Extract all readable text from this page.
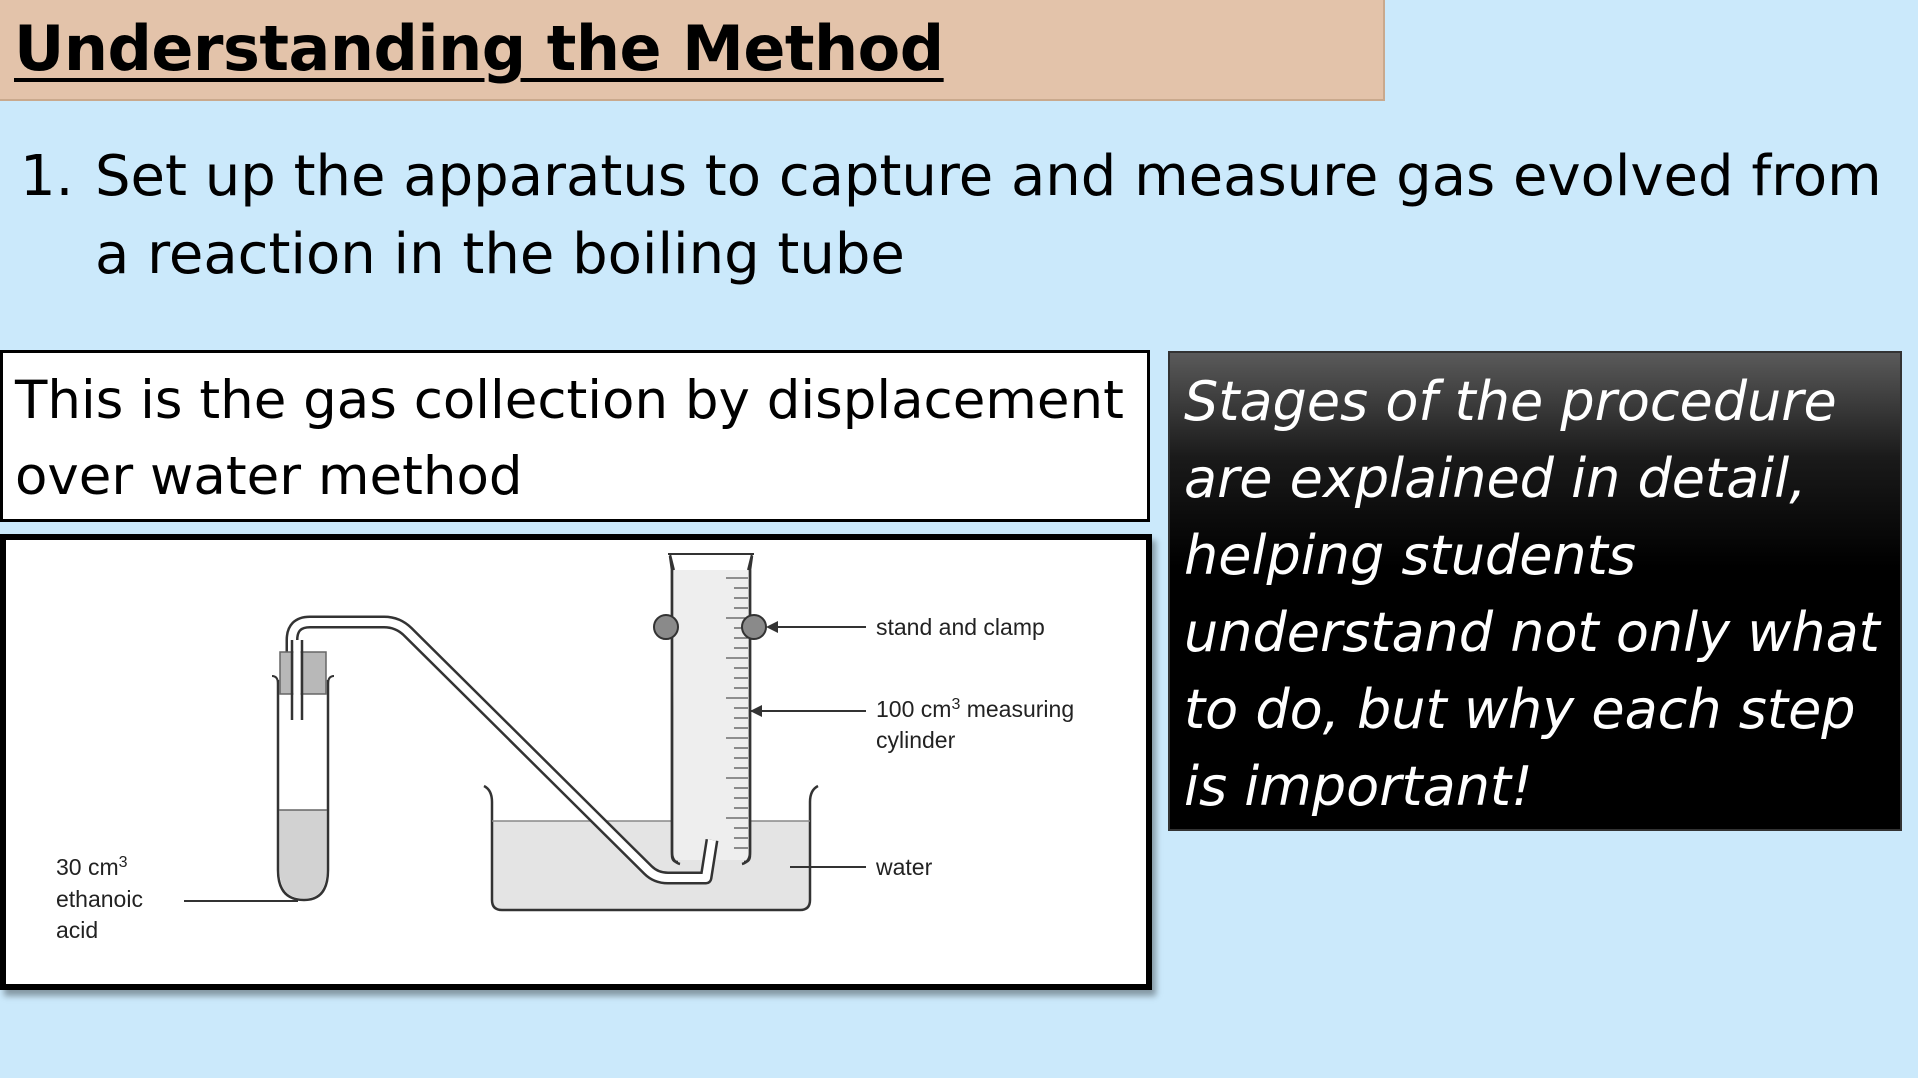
Understanding the Method
1. Set up the apparatus to capture and measure gas evolved from a reaction in the boiling tube
This is the gas collection by displacement over water method
stand and clamp
100 $cm^3$ measuring
cylinder
water
30 $cm^3$
ethanoic
acid
Stages of the procedure are explained in detail, helping students understand not only what to do, but why each step is important!
